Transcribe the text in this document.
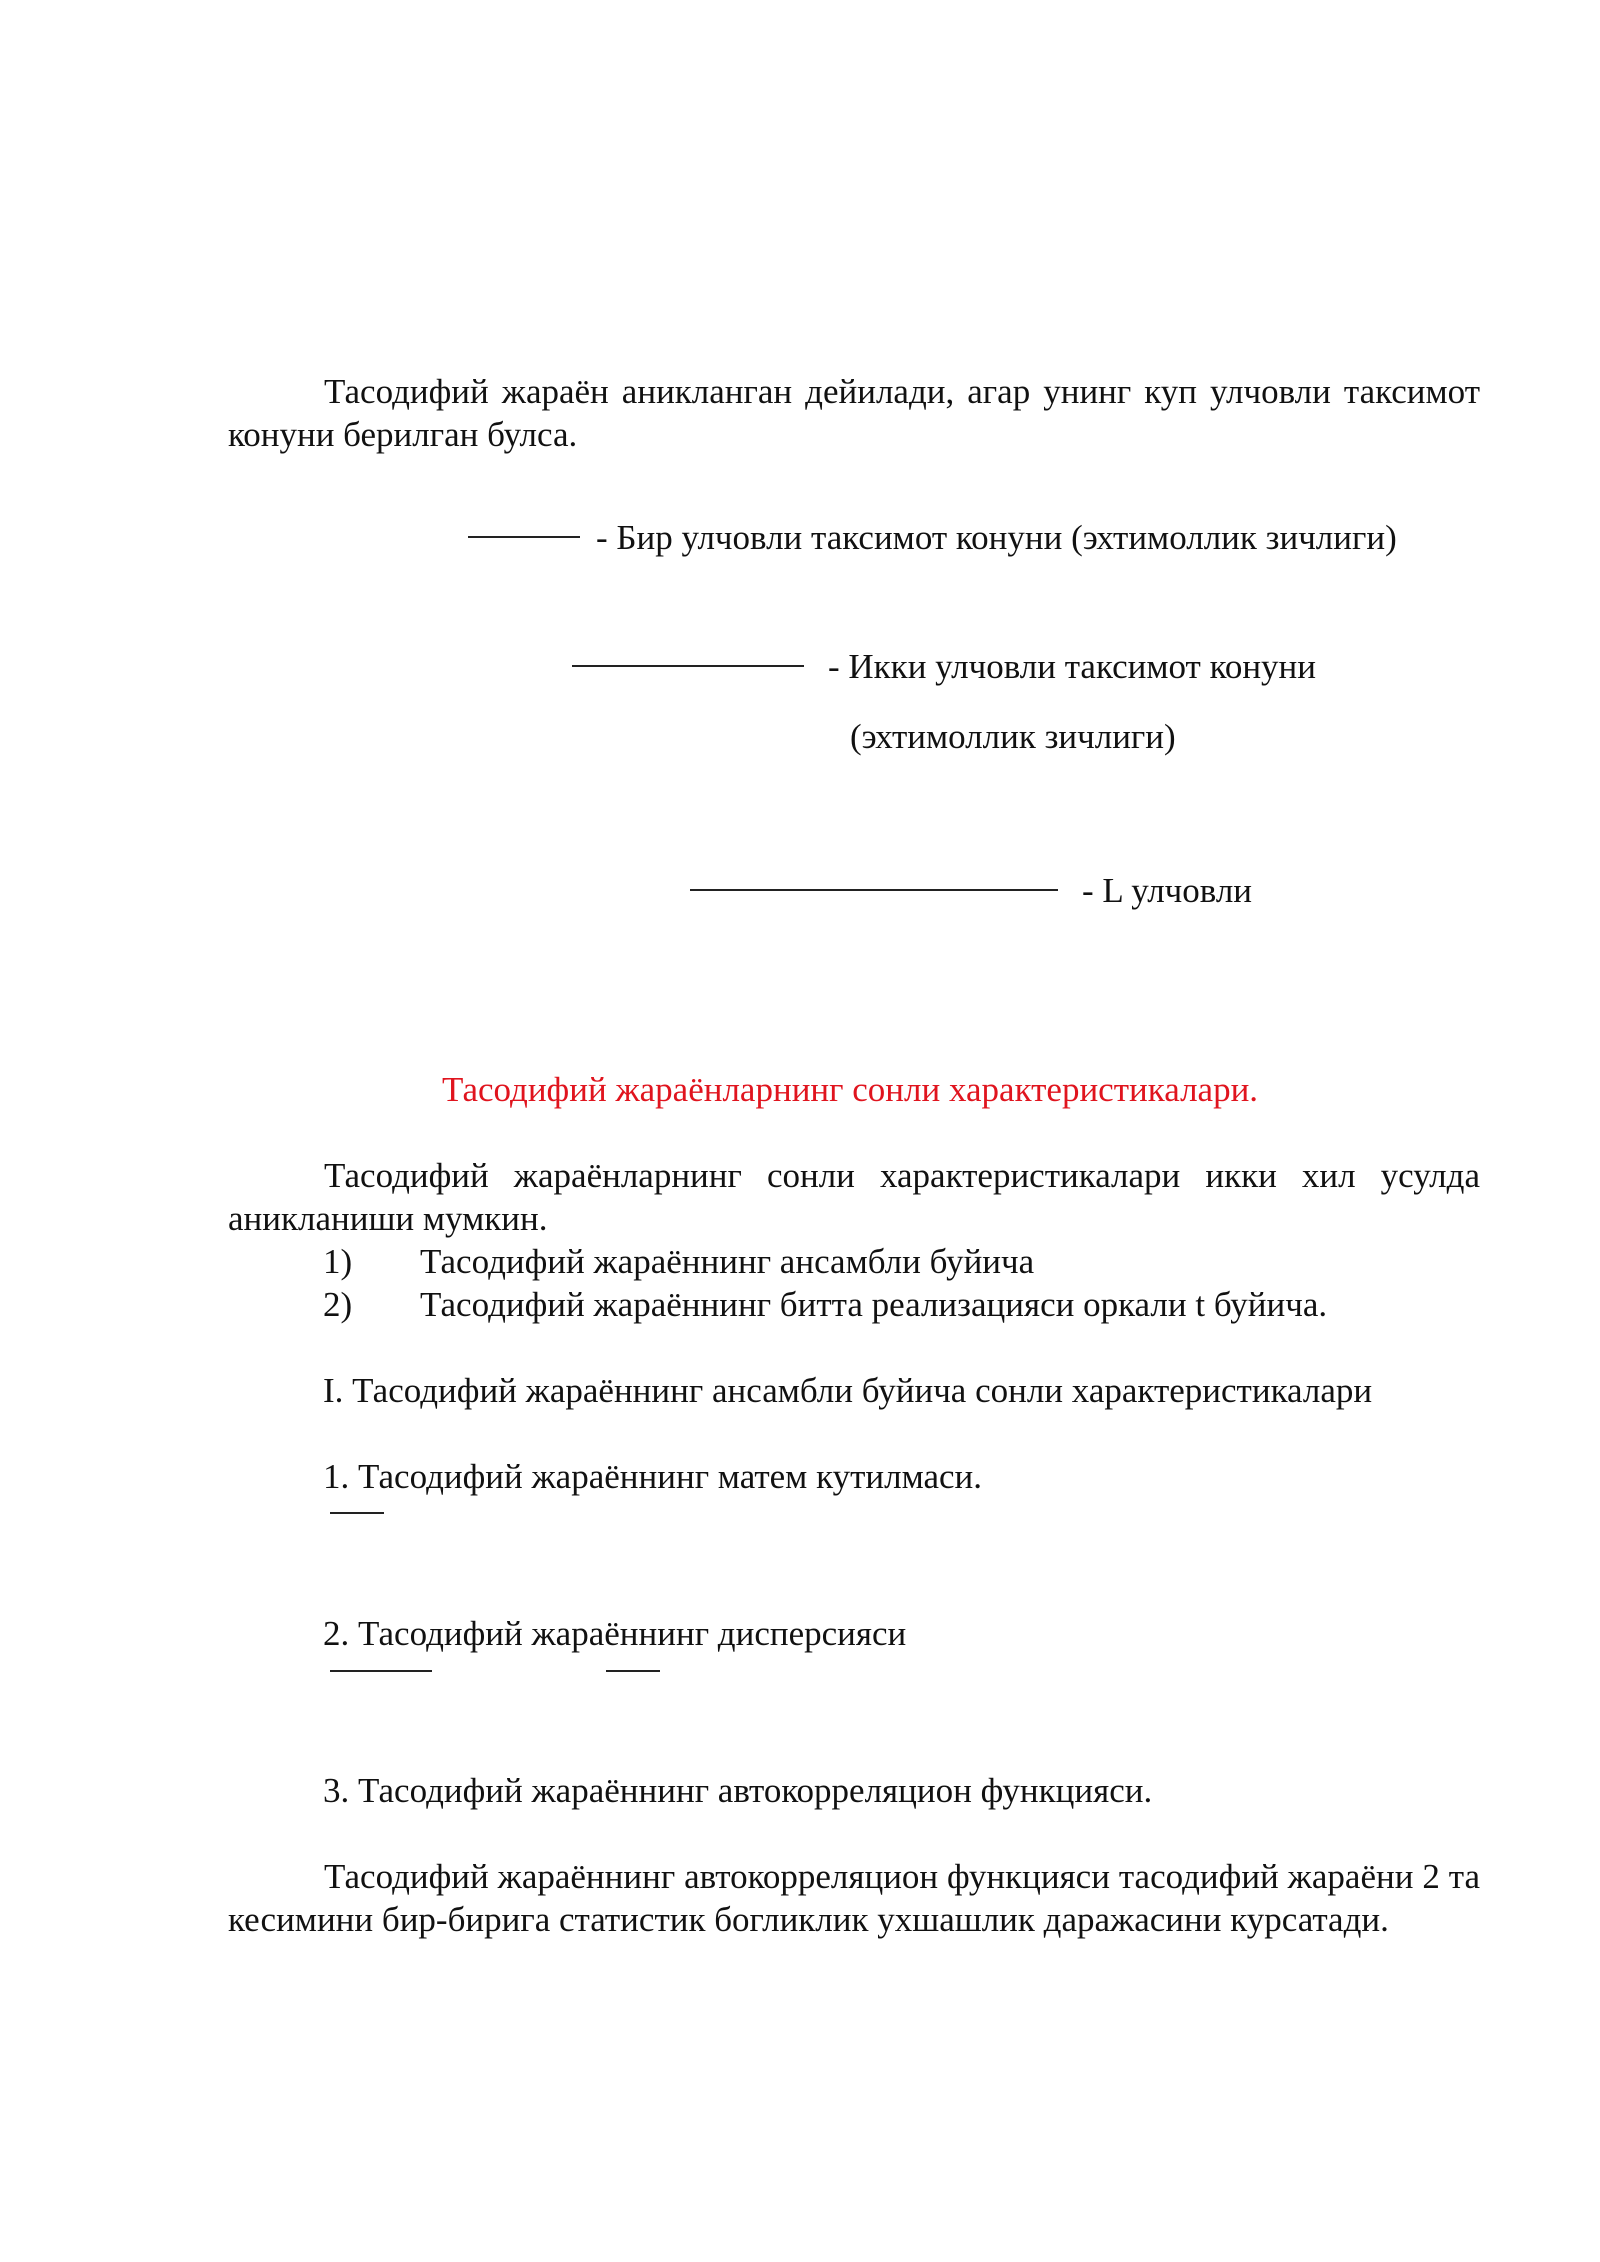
Тасодифий жараён аникланган дейилади, агар унинг куп улчовли таксимот конуни берилган булса.
- Бир улчовли таксимот конуни (эхтимоллик зичлиги)
- Икки улчовли таксимот конуни
(эхтимоллик зичлиги)
- L улчовли
Тасодифий жараёнларнинг сонли характеристикалари.
Тасодифий жараёнларнинг сонли характеристикалари икки хил усулда аникланиши мумкин.
1) Тасодифий жараённинг ансамбли буйича
2) Тасодифий жараённинг битта реализацияси оркали t буйича.
I. Тасодифий жараённинг ансамбли буйича сонли характеристикалари
1. Тасодифий жараённинг матем кутилмаси.
2. Тасодифий жараённинг дисперсияси
3. Тасодифий жараённинг автокорреляцион функцияси.
Тасодифий жараённинг автокорреляцион функцияси тасодифий жараёни 2 та кесимини бир-бирига статистик богликлик ухшашлик даражасини курсатади.
